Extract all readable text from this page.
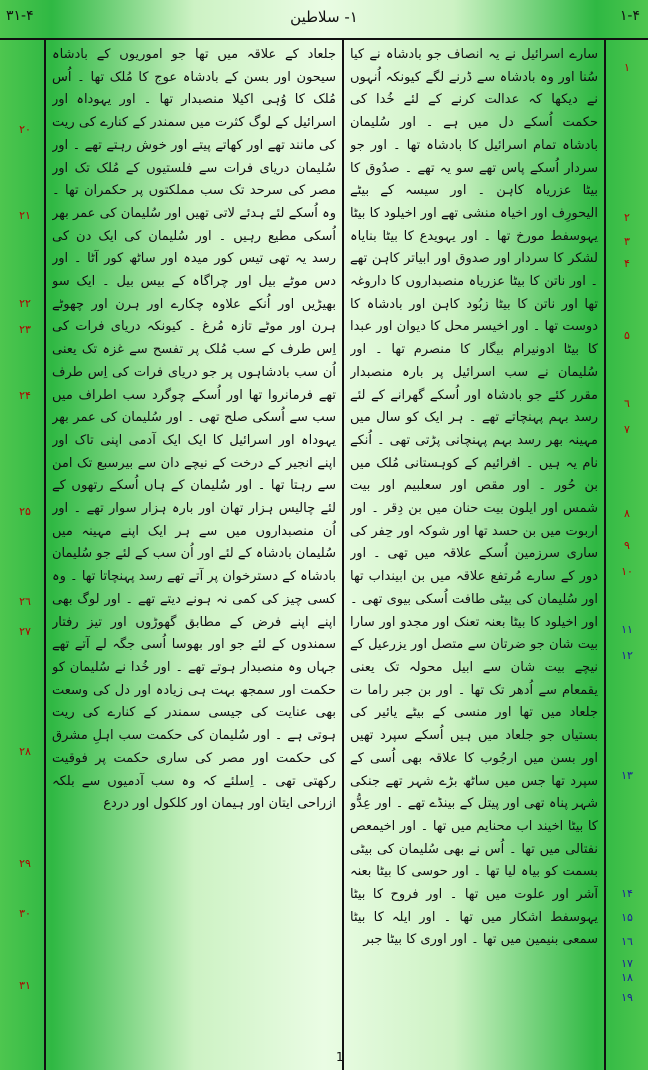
٣١-۴	١- سلاطین	١-۴

جلعاد کے علاقہ میں تھا جو اموریوں کے بادشاہ سیحون اور بسن کے بادشاہ عوج کا مُلک تھا ۔ اُس مُلک کا وُہی اکیلا منصبدار تھا ۔ اور یہوداہ اور اسرائیل کے لوگ کثرت میں سمندر کے کنارے کی ریت کی مانند تھے اور کھاتے پیتے اور خوش رہتے تھے ۔ اور سُلیمان دریای فرات سے فلستیوں کے مُلک تک اور مصر کی سرحد تک سب مملکتوں پر حکمران تھا ۔ وہ اُسکے لئے ہدئے لاتی تھیں اور سُلیمان کی عمر بھر اُسکی مطیع رہیں ۔ اور سُلیمان کی ایک دن کی رسد یہ تھی تیس کور میدہ اور ساٹھ کور آٹا ۔ اور دس موٹے بیل اور چراگاہ کے بیس بیل ۔ ایک سو بھیڑیں اور اُنکے علاوہ چکارے اور ہرن اور چھوٹے ہرن اور موٹے تازہ مُرغ ۔ کیونکہ دریای فرات کی اِس طرف کے سب مُلک پر تفسح سے غزہ تک یعنی اُن سب بادشاہوں پر جو دریای فرات کی اِس طرف تھے فرمانروا تھا اور اُسکے چوگرد سب اطراف میں سب سے اُسکی صلح تھی ۔ اور سُلیمان کی عمر بھر یہوداہ اور اسرائیل کا ایک ایک آدمی اپنی تاک اور اپنے انجیر کے درخت کے نیچے دان سے بیرسبع تک امن سے رہتا تھا ۔ اور سُلیمان کے ہاں اُسکے رتھوں کے لئے چالیس ہزار تھان اور بارہ ہزار سوار تھے ۔ اور اُن منصبداروں میں سے ہر ایک اپنے مہینہ میں سُلیمان بادشاہ کے لئے اور اُن سب کے لئے جو سُلیمان بادشاہ کے دسترخوان پر آتے تھے رسد پہنچاتا تھا ۔ وہ کسی چیز کی کمی نہ ہونے دیتے تھے ۔ اور لوگ بھی اپنے اپنے فرض کے مطابق گھوڑوں اور تیز رفتار سمندوں کے لئے جو اور بھوسا اُسی جگہ لے آتے تھے جہاں وہ منصبدار ہوتے تھے ۔ اور خُدا نے سُلیمان کو حکمت اور سمجھ بہت ہی زیادہ اور دل کی وسعت بھی عنایت کی جیسی سمندر کے کنارے کی ریت ہوتی ہے ۔ اور سُلیمان کی حکمت سب اہلِ مشرق کی حکمت اور مصر کی ساری حکمت پر فوقیت رکھتی تھی ۔ اِسلئے کہ وہ سب آدمیوں سے بلکہ ازراحی ایتان اور ہیمان اور کلکول اور دردع

سارے اسرائیل نے یہ انصاف جو بادشاہ نے کیا سُنا اور وہ بادشاہ سے ڈرنے لگے کیونکہ اُنہوں نے دیکھا کہ عدالت کرنے کے لئے خُدا کی حکمت اُسکے دل میں ہے ۔ اور سُلیمان بادشاہ تمام اسرائیل کا بادشاہ تھا ۔ اور جو سردار اُسکے پاس تھے سو یہ تھے ۔ صدُوق کا بیٹا عزریاہ کاہن ۔ اور سیسہ کے بیٹے الیحورِف اور اخیاہ منشی تھے اور اخیلود کا بیٹا یہوسفط مورخ تھا ۔ اور یہویدع کا بیٹا بنایاہ لشکر کا سردار اور صدوق اور ابیاتر کاہن تھے ۔ اور ناتن کا بیٹا عزریاہ منصبداروں کا داروغہ تھا اور ناتن کا بیٹا زبُود کاہن اور بادشاہ کا دوست تھا ۔ اور اخیسر محل کا دیوان اور عبدا کا بیٹا ادونیرام بیگار کا منصرم تھا ۔ اور سُلیمان نے سب اسرائیل پر بارہ منصبدار مقرر کئے جو بادشاہ اور اُسکے گھرانے کے لئے رسد بہم پہنچاتے تھے ۔ ہر ایک کو سال میں مہینہ بھر رسد بہم پہنچانی پڑتی تھی ۔ اُنکے نام یہ ہیں ۔ افرائیم کے کوہستانی مُلک میں بن حُور ۔ اور مقص اور سعلبیم اور بیت شمس اور ایلون بیت حنان میں بن دِقر ۔ اور اربوت میں بن حسد تھا اور شوکہ اور حِفر کی ساری سرزمین اُسکے علاقہ میں تھی ۔ اور دور کے سارے مُرتفع علاقہ میں بن ابینداب تھا اور سُلیمان کی بیٹی طافت اُسکی بیوی تھی ۔ اور اخیلود کا بیٹا بعنہ تعنک اور مجدو اور سارا بیت شان جو ضرتان سے متصل اور یزرعیل کے نیچے بیت شان سے ابیل محولہ تک یعنی یقمعام سے اُدھر تک تھا ۔ اور بن جبر راما ت جلعاد میں تھا اور منسی کے بیٹے یائیر کی بستیاں جو جلعاد میں ہیں اُسکے سپرد تھیں اور بسن میں ارجُوب کا علاقہ بھی اُسی کے سپرد تھا جس میں ساٹھ بڑے شہر تھے جنکی شہر پناہ تھی اور پیتل کے بینڈے تھے ۔ اور عِدُّو کا بیٹا اخیند اب محنایم میں تھا ۔ اور اخیمعص نفتالی میں تھا ۔ اُس نے بھی سُلیمان کی بیٹی بسمت کو بیاہ لیا تھا ۔ اور حوسی کا بیٹا بعنہ آشر اور علوت میں تھا ۔ اور فروح کا بیٹا یہوسفط اشکار میں تھا ۔ اور ایلہ کا بیٹا سمعی بنیمین میں تھا ۔ اور اوری کا بیٹا جبر

١
٢
٣
۴
۵
٦
٧
٨
٩
١٠
١١
١٢
١٣
١۴
١۵
١٦
١٧
١٨
١٩
٢٠
٢١
٢٢
٢٣
٢۴
٢۵
٢٦
٢٧
٢٨
٢٩
٣٠
٣١
1
